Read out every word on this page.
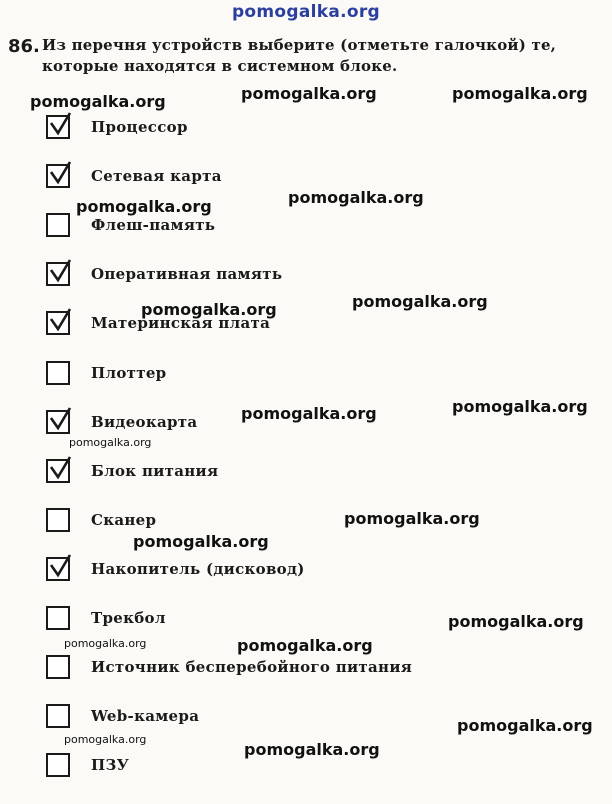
pomogalka.org
86. Из перечня устройств выберите (отметьте галочкой) те, которые находятся в системном блоке.
Процессор
Сетевая карта
Флеш-память
Оперативная память
Материнская плата
Плоттер
Видеокарта
Блок питания
Сканер
Накопитель (дисковод)
Трекбол
Источник бесперебойного питания
Web-камера
ПЗУ
pomogalka.org	pomogalka.org	pomogalka.org
pomogalka.org	pomogalka.org
pomogalka.org	pomogalka.org
pomogalka.org	pomogalka.org
pomogalka.org
pomogalka.org
pomogalka.org
pomogalka.org
pomogalka.org	pomogalka.org
pomogalka.org
pomogalka.org
pomogalka.org
